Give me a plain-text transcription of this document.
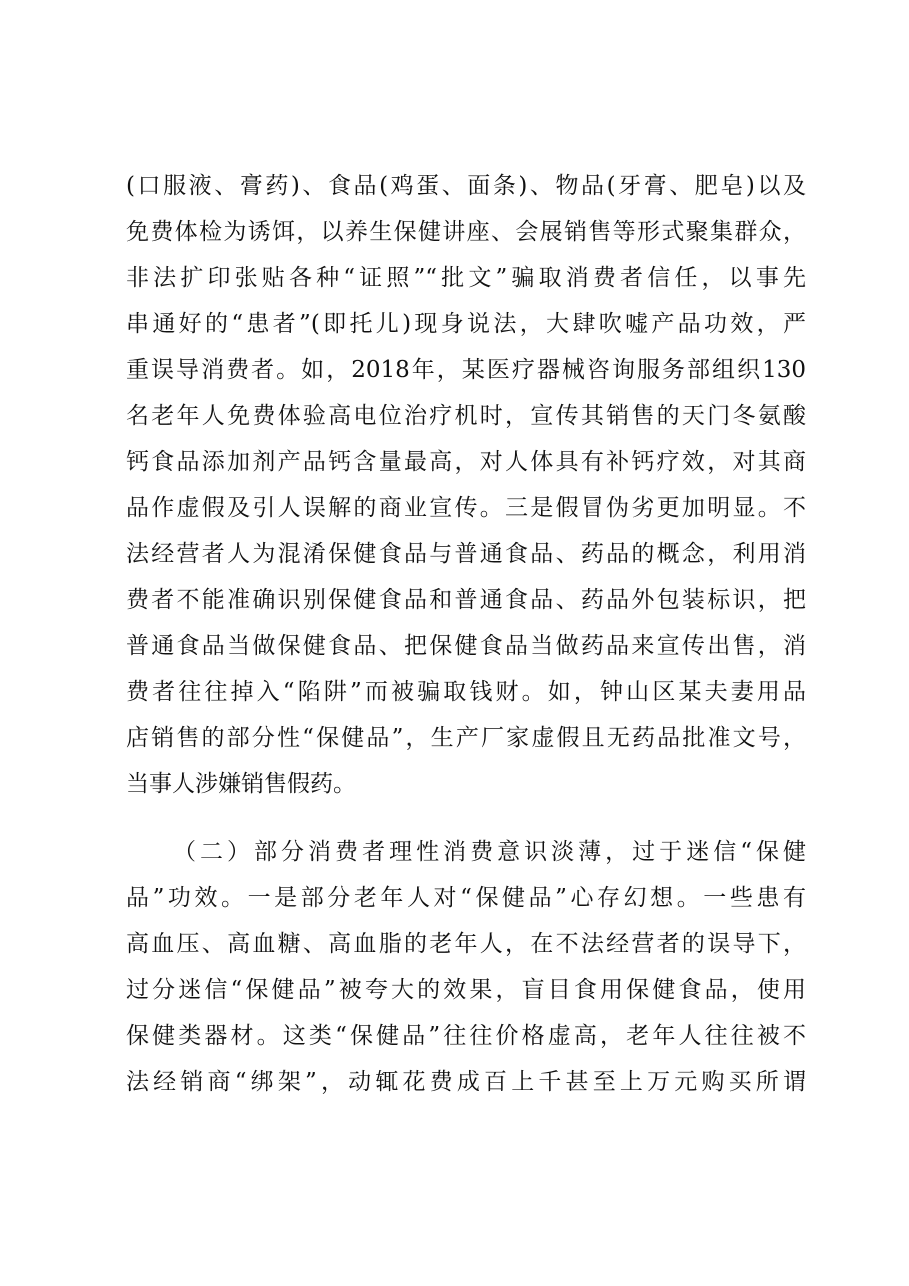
(口服液、膏药)、食品(鸡蛋、面条)、物品(牙膏、肥皂)以及
免费体检为诱饵，以养生保健讲座、会展销售等形式聚集群众，
非法扩印张贴各种“证照”“批文”骗取消费者信任，以事先
串通好的“患者”(即托儿)现身说法，大肆吹嘘产品功效，严
重误导消费者。如，2018年，某医疗器械咨询服务部组织130
名老年人免费体验高电位治疗机时，宣传其销售的天门冬氨酸
钙食品添加剂产品钙含量最高，对人体具有补钙疗效，对其商
品作虚假及引人误解的商业宣传。三是假冒伪劣更加明显。不
法经营者人为混淆保健食品与普通食品、药品的概念，利用消
费者不能准确识别保健食品和普通食品、药品外包装标识，把
普通食品当做保健食品、把保健食品当做药品来宣传出售，消
费者往往掉入“陷阱”而被骗取钱财。如，钟山区某夫妻用品
店销售的部分性“保健品”，生产厂家虚假且无药品批准文号，
当事人涉嫌销售假药。
（二）部分消费者理性消费意识淡薄，过于迷信“保健
品”功效。一是部分老年人对“保健品”心存幻想。一些患有
高血压、高血糖、高血脂的老年人，在不法经营者的误导下，
过分迷信“保健品”被夸大的效果，盲目食用保健食品，使用
保健类器材。这类“保健品”往往价格虚高，老年人往往被不
法经销商“绑架”，动辄花费成百上千甚至上万元购买所谓
